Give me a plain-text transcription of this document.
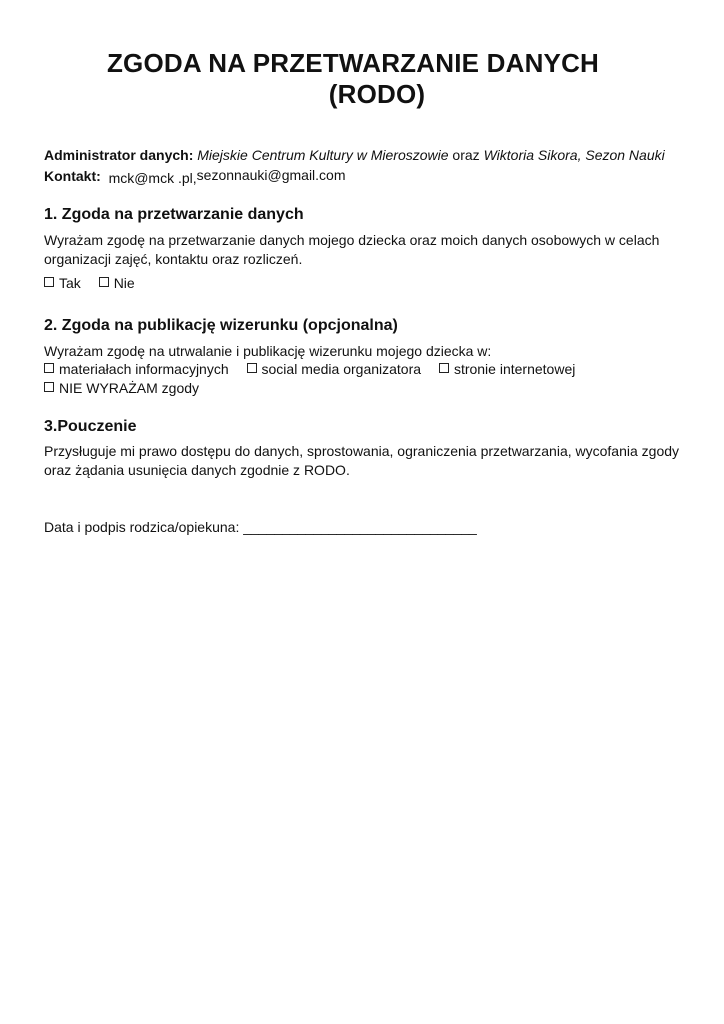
ZGODA NA PRZETWARZANIE DANYCH
(RODO)
Administrator danych: Miejskie Centrum Kultury w Mieroszowie oraz Wiktoria Sikora, Sezon Nauki
Kontakt: mck@mck .pl,sezonnauki@gmail.com
1. Zgoda na przetwarzanie danych
Wyrażam zgodę na przetwarzanie danych mojego dziecka oraz moich danych osobowych w celach organizacji zajęć, kontaktu oraz rozliczeń.
Tak Nie
2. Zgoda na publikację wizerunku (opcjonalna)
Wyrażam zgodę na utrwalanie i publikację wizerunku mojego dziecka w:
materiałach informacyjnych social media organizatora stronie internetowej
NIE WYRAŻAM zgody
3.Pouczenie
Przysługuje mi prawo dostępu do danych, sprostowania, ograniczenia przetwarzania, wycofania zgody oraz żądania usunięcia danych zgodnie z RODO.
Data i podpis rodzica/opiekuna: ______________________________
